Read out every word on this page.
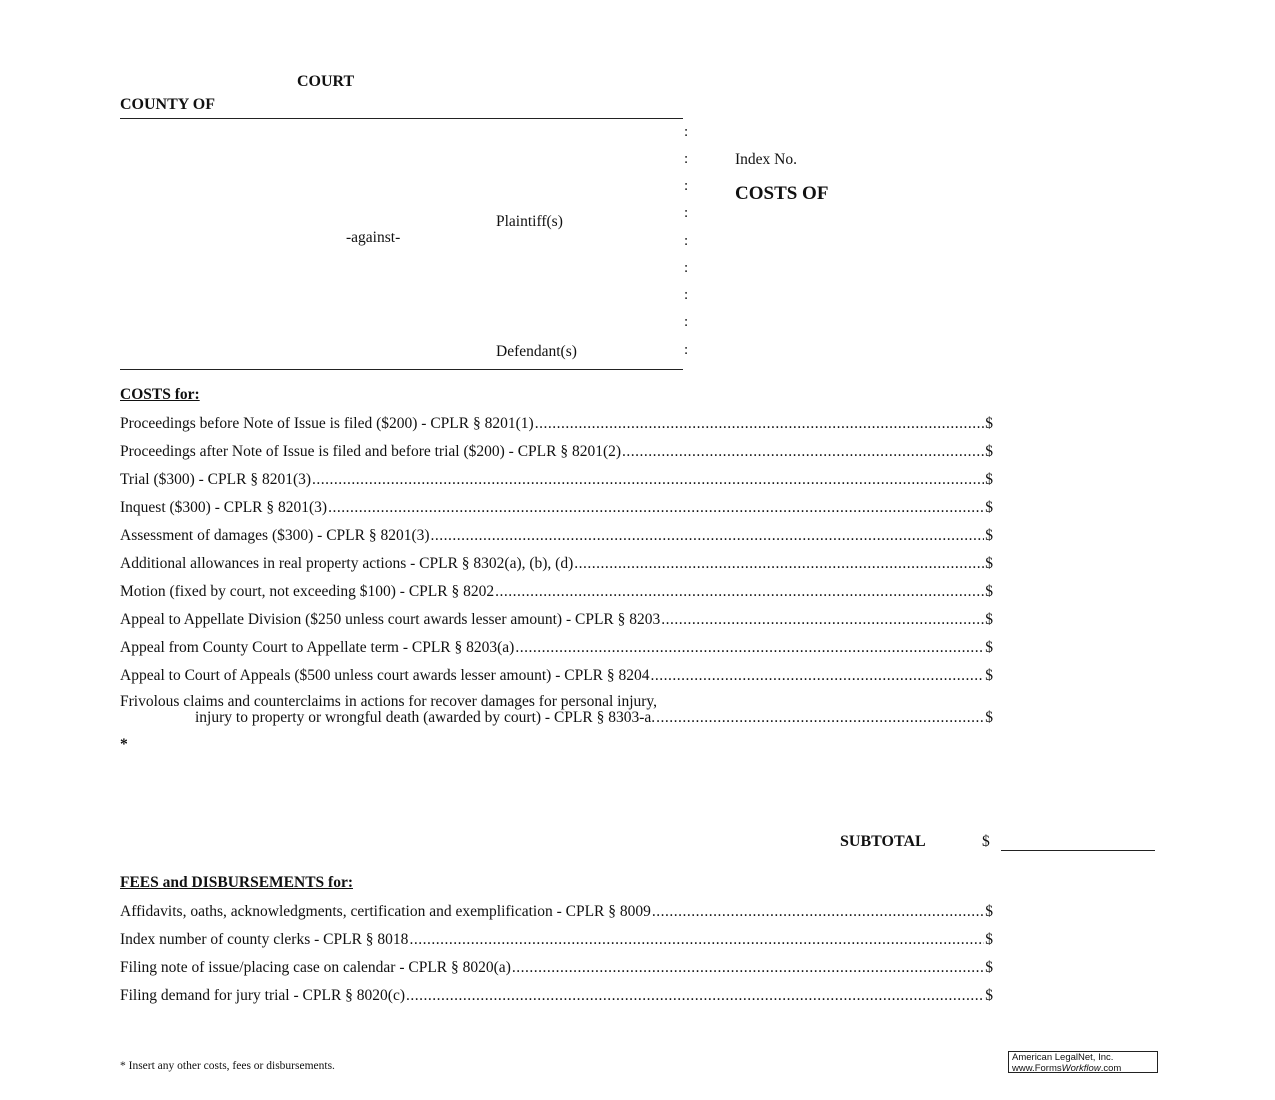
COURT
COUNTY OF
:
:
:
:
:
:
:
:
:
Index No.
COSTS OF
Plaintiff(s)
-against-
Defendant(s)
COSTS for:
Proceedings before Note of Issue is filed ($200) - CPLR § 8201(1) .....	$
Proceedings after Note of Issue is filed and before trial ($200) - CPLR § 8201(2) .....	$
Trial ($300) - CPLR § 8201(3) .....	$
Inquest ($300) - CPLR § 8201(3) .....	$
Assessment of damages ($300) - CPLR § 8201(3) .....	$
Additional allowances in real property actions - CPLR § 8302(a), (b), (d) .....	$
Motion (fixed by court, not exceeding $100) - CPLR § 8202 .....	$
Appeal to Appellate Division ($250 unless court awards lesser amount) - CPLR § 8203 .....	$
Appeal from County Court to Appellate term - CPLR § 8203(a) .....	$
Appeal to Court of Appeals ($500 unless court awards lesser amount) - CPLR § 8204 .....	$
Frivolous claims and counterclaims in actions for recover damages for personal injury,
injury to property or wrongful death (awarded by court) - CPLR § 8303-a. .....	$
*
SUBTOTAL	$
FEES and DISBURSEMENTS for:
Affidavits, oaths, acknowledgments, certification and exemplification - CPLR § 8009 .....	$
Index number of county clerks - CPLR § 8018 .....	$
Filing note of issue/placing case on calendar - CPLR § 8020(a) .....	$
Filing demand for jury trial - CPLR § 8020(c) .....	$
* Insert any other costs, fees or disbursements.
American LegalNet, Inc.
www.FormsWorkflow.com
